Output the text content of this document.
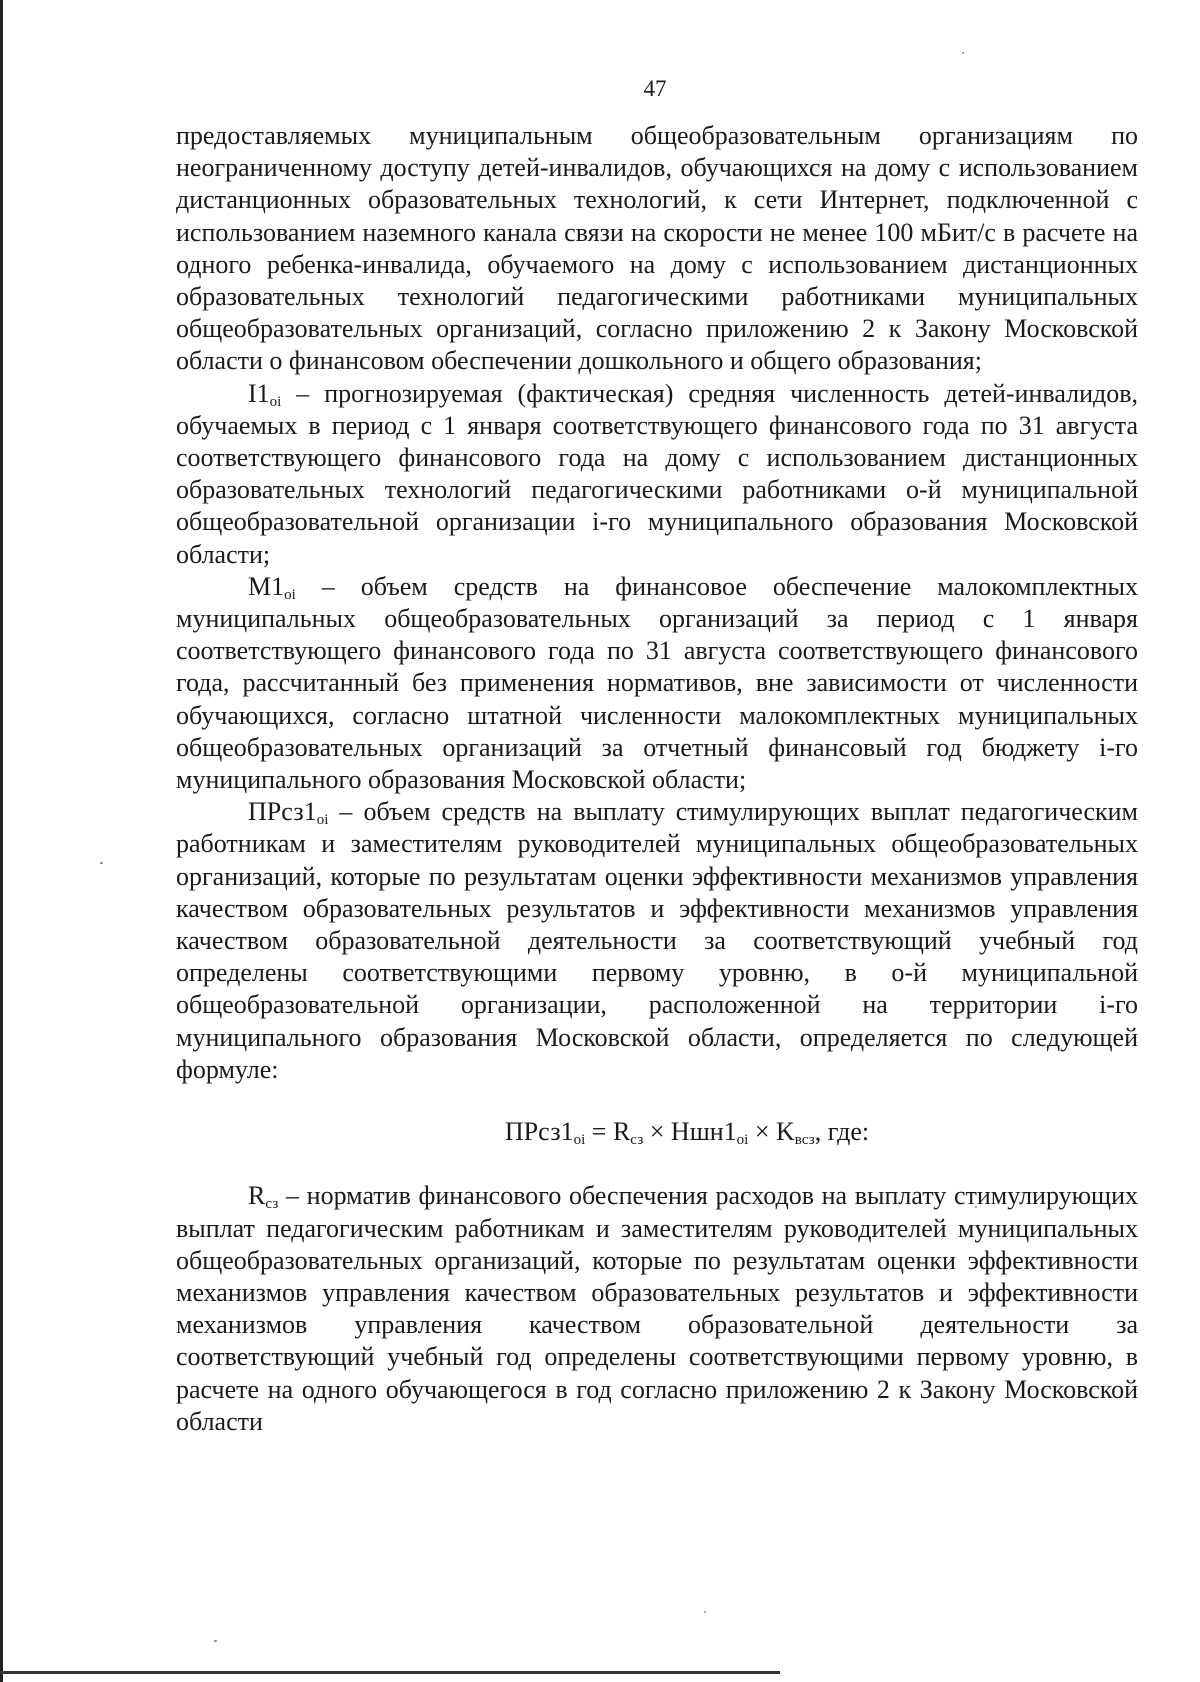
47

предоставляемых муниципальным общеобразовательным организациям по неограниченному доступу детей-инвалидов, обучающихся на дому с использованием дистанционных образовательных технологий, к сети Интернет, подключенной с использованием наземного канала связи на скорости не менее 100 мБит/с в расчете на одного ребенка-инвалида, обучаемого на дому с использованием дистанционных образовательных технологий педагогическими работниками муниципальных общеобразовательных организаций, согласно приложению 2 к Закону Московской области о финансовом обеспечении дошкольного и общего образования;

$I1_{oi}$ – прогнозируемая (фактическая) средняя численность детей-инвалидов, обучаемых в период с 1 января соответствующего финансового года по 31 августа соответствующего финансового года на дому с использованием дистанционных образовательных технологий педагогическими работниками o-й муниципальной общеобразовательной организации i-го муниципального образования Московской области;

$М1_{oi}$ – объем средств на финансовое обеспечение малокомплектных муниципальных общеобразовательных организаций за период с 1 января соответствующего финансового года по 31 августа соответствующего финансового года, рассчитанный без применения нормативов, вне зависимости от численности обучающихся, согласно штатной численности малокомплектных муниципальных общеобразовательных организаций за отчетный финансовый год бюджету i-го муниципального образования Московской области;

$ПРсз1_{oi}$ – объем средств на выплату стимулирующих выплат педагогическим работникам и заместителям руководителей муниципальных общеобразовательных организаций, которые по результатам оценки эффективности механизмов управления качеством образовательных результатов и эффективности механизмов управления качеством образовательной деятельности за соответствующий учебный год определены соответствующими первому уровню, в o-й муниципальной общеобразовательной организации, расположенной на территории i-го муниципального образования Московской области, определяется по следующей формуле:

$ПРсз1_{oi} = R_{сз} \times Ншн1_{oi} \times K_{всз}$, где:

$R_{сз}$ – норматив финансового обеспечения расходов на выплату стимулирующих выплат педагогическим работникам и заместителям руководителей муниципальных общеобразовательных организаций, которые по результатам оценки эффективности механизмов управления качеством образовательных результатов и эффективности механизмов управления качеством образовательной деятельности за соответствующий учебный год определены соответствующими первому уровню, в расчете на одного обучающегося в год согласно приложению 2 к Закону Московской области
